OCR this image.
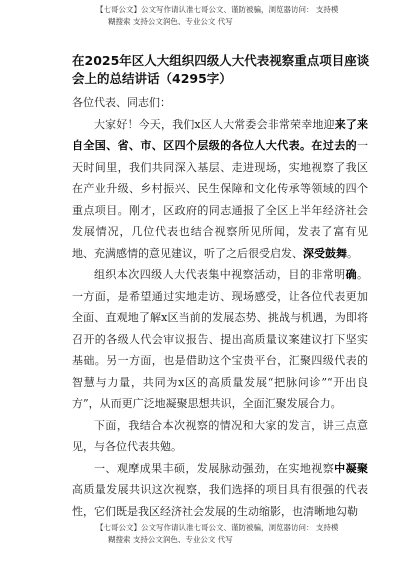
【七哥公文】公文写作请认准七哥公文、谨防被骗，浏览器访问： 支持模
糊搜索 支持公文润色、专业公文 代写
在2025年区人大组织四级人大代表视察重点项目座谈会上的总结讲话（4295字）

各位代表、同志们：

大家好！今天，我们x区人大常委会非常荣幸地迎来了来自全国、省、市、区四个层级的各位人大代表。在过去的一天时间里，我们共同深入基层、走进现场，实地视察了我区在产业升级、乡村振兴、民生保障和文化传承等领域的四个重点项目。刚才，区政府的同志通报了全区上半年经济社会发展情况，几位代表也结合视察所见所闻，发表了富有见地、充满感情的意见建议，听了之后很受启发、深受鼓舞。

组织本次四级人大代表集中视察活动，目的非常明确。一方面，是希望通过实地走访、现场感受，让各位代表更加全面、直观地了解x区当前的发展态势、挑战与机遇，为即将召开的各级人代会审议报告、提出高质量议案建议打下坚实基础。另一方面，也是借助这个宝贵平台，汇聚四级代表的智慧与力量，共同为x区的高质量发展“把脉问诊”“开出良方”，从而更广泛地凝聚思想共识，全面汇聚发展合力。

下面，我结合本次视察的情况和大家的发言，讲三点意见，与各位代表共勉。

一、观摩成果丰硕，发展脉动强劲，在实地视察中凝聚高质量发展共识这次视察，我们选择的项目具有很强的代表性，它们既是我区经济社会发展的生动缩影，也清晰地勾勒

【七哥公文】公文写作请认准七哥公文、谨防被骗，浏览器访问： 支持模
糊搜索 支持公文润色、专业公文 代写
